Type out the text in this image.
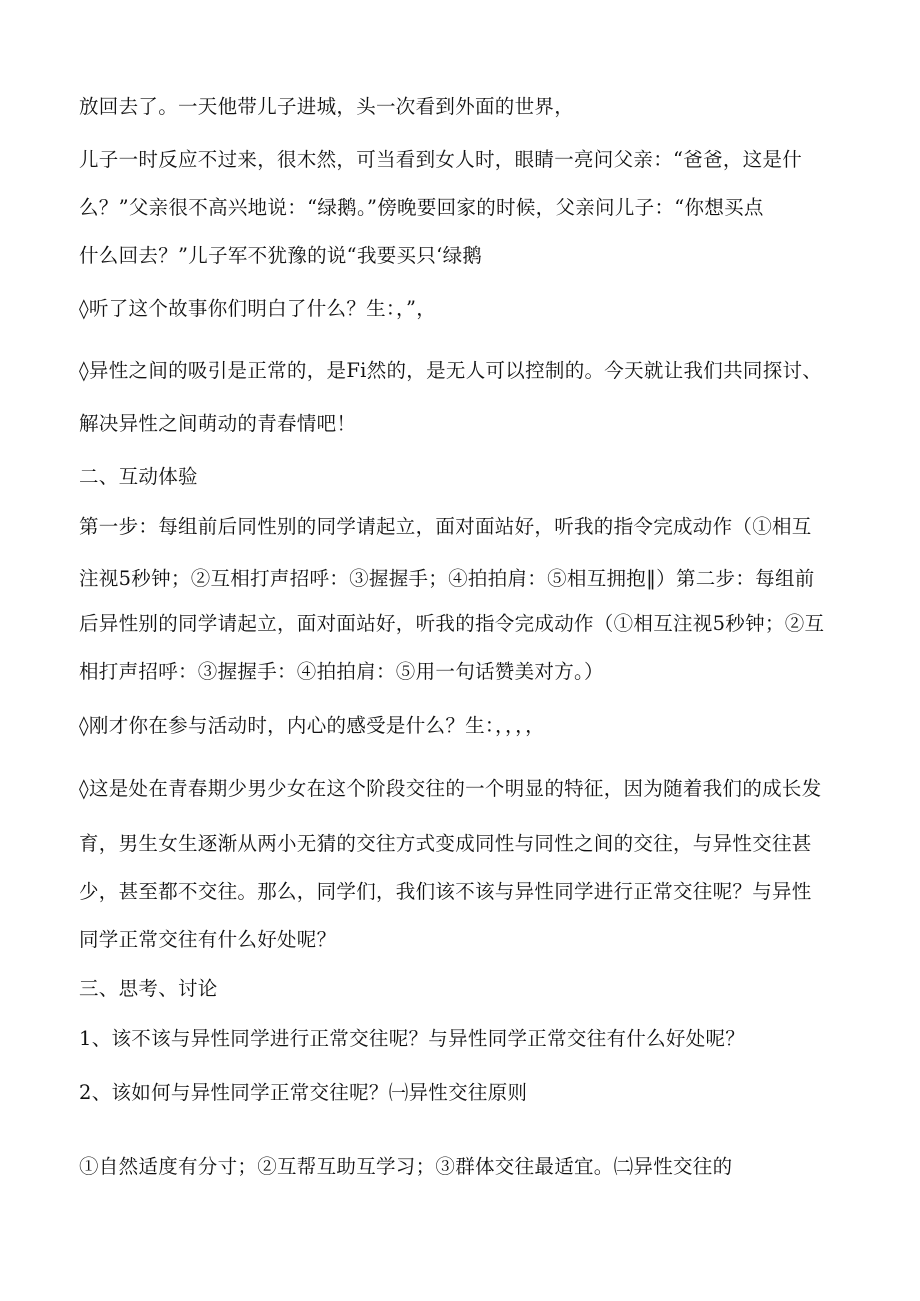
放回去了。一天他带儿子进城，头一次看到外面的世界，
儿子一时反应不过来，很木然，可当看到女人时，眼睛一亮问父亲：“爸爸，这是什
么？”父亲很不高兴地说：“绿鹅。”傍晚要回家的时候，父亲问儿子：“你想买点
什么回去？”儿子军不犹豫的说“我要买只‘绿鹅
◊听了这个故事你们明白了什么？生：，”，
◊异性之间的吸引是正常的，是Fi然的，是无人可以控制的。今天就让我们共同探讨、
解决异性之间萌动的青春情吧！
二、互动体验
第一步：每组前后同性别的同学请起立，面对面站好，听我的指令完成动作（①相互
注视5秒钟；②互相打声招呼：③握握手；④拍拍肩：⑤相互拥抱‖）第二步：每组前
后异性别的同学请起立，面对面站好，听我的指令完成动作（①相互注视5秒钟；②互
相打声招呼：③握握手：④拍拍肩：⑤用一句话赞美对方。）
◊刚才你在参与活动时，内心的感受是什么？生：，，，，
◊这是处在青春期少男少女在这个阶段交往的一个明显的特征，因为随着我们的成长发
育，男生女生逐渐从两小无猜的交往方式变成同性与同性之间的交往，与异性交往甚
少，甚至都不交往。那么，同学们，我们该不该与异性同学进行正常交往呢？与异性
同学正常交往有什么好处呢？
三、思考、讨论
1、该不该与异性同学进行正常交往呢？与异性同学正常交往有什么好处呢？
2、该如何与异性同学正常交往呢？㈠异性交往原则
①自然适度有分寸；②互帮互助互学习；③群体交往最适宜。㈡异性交往的
